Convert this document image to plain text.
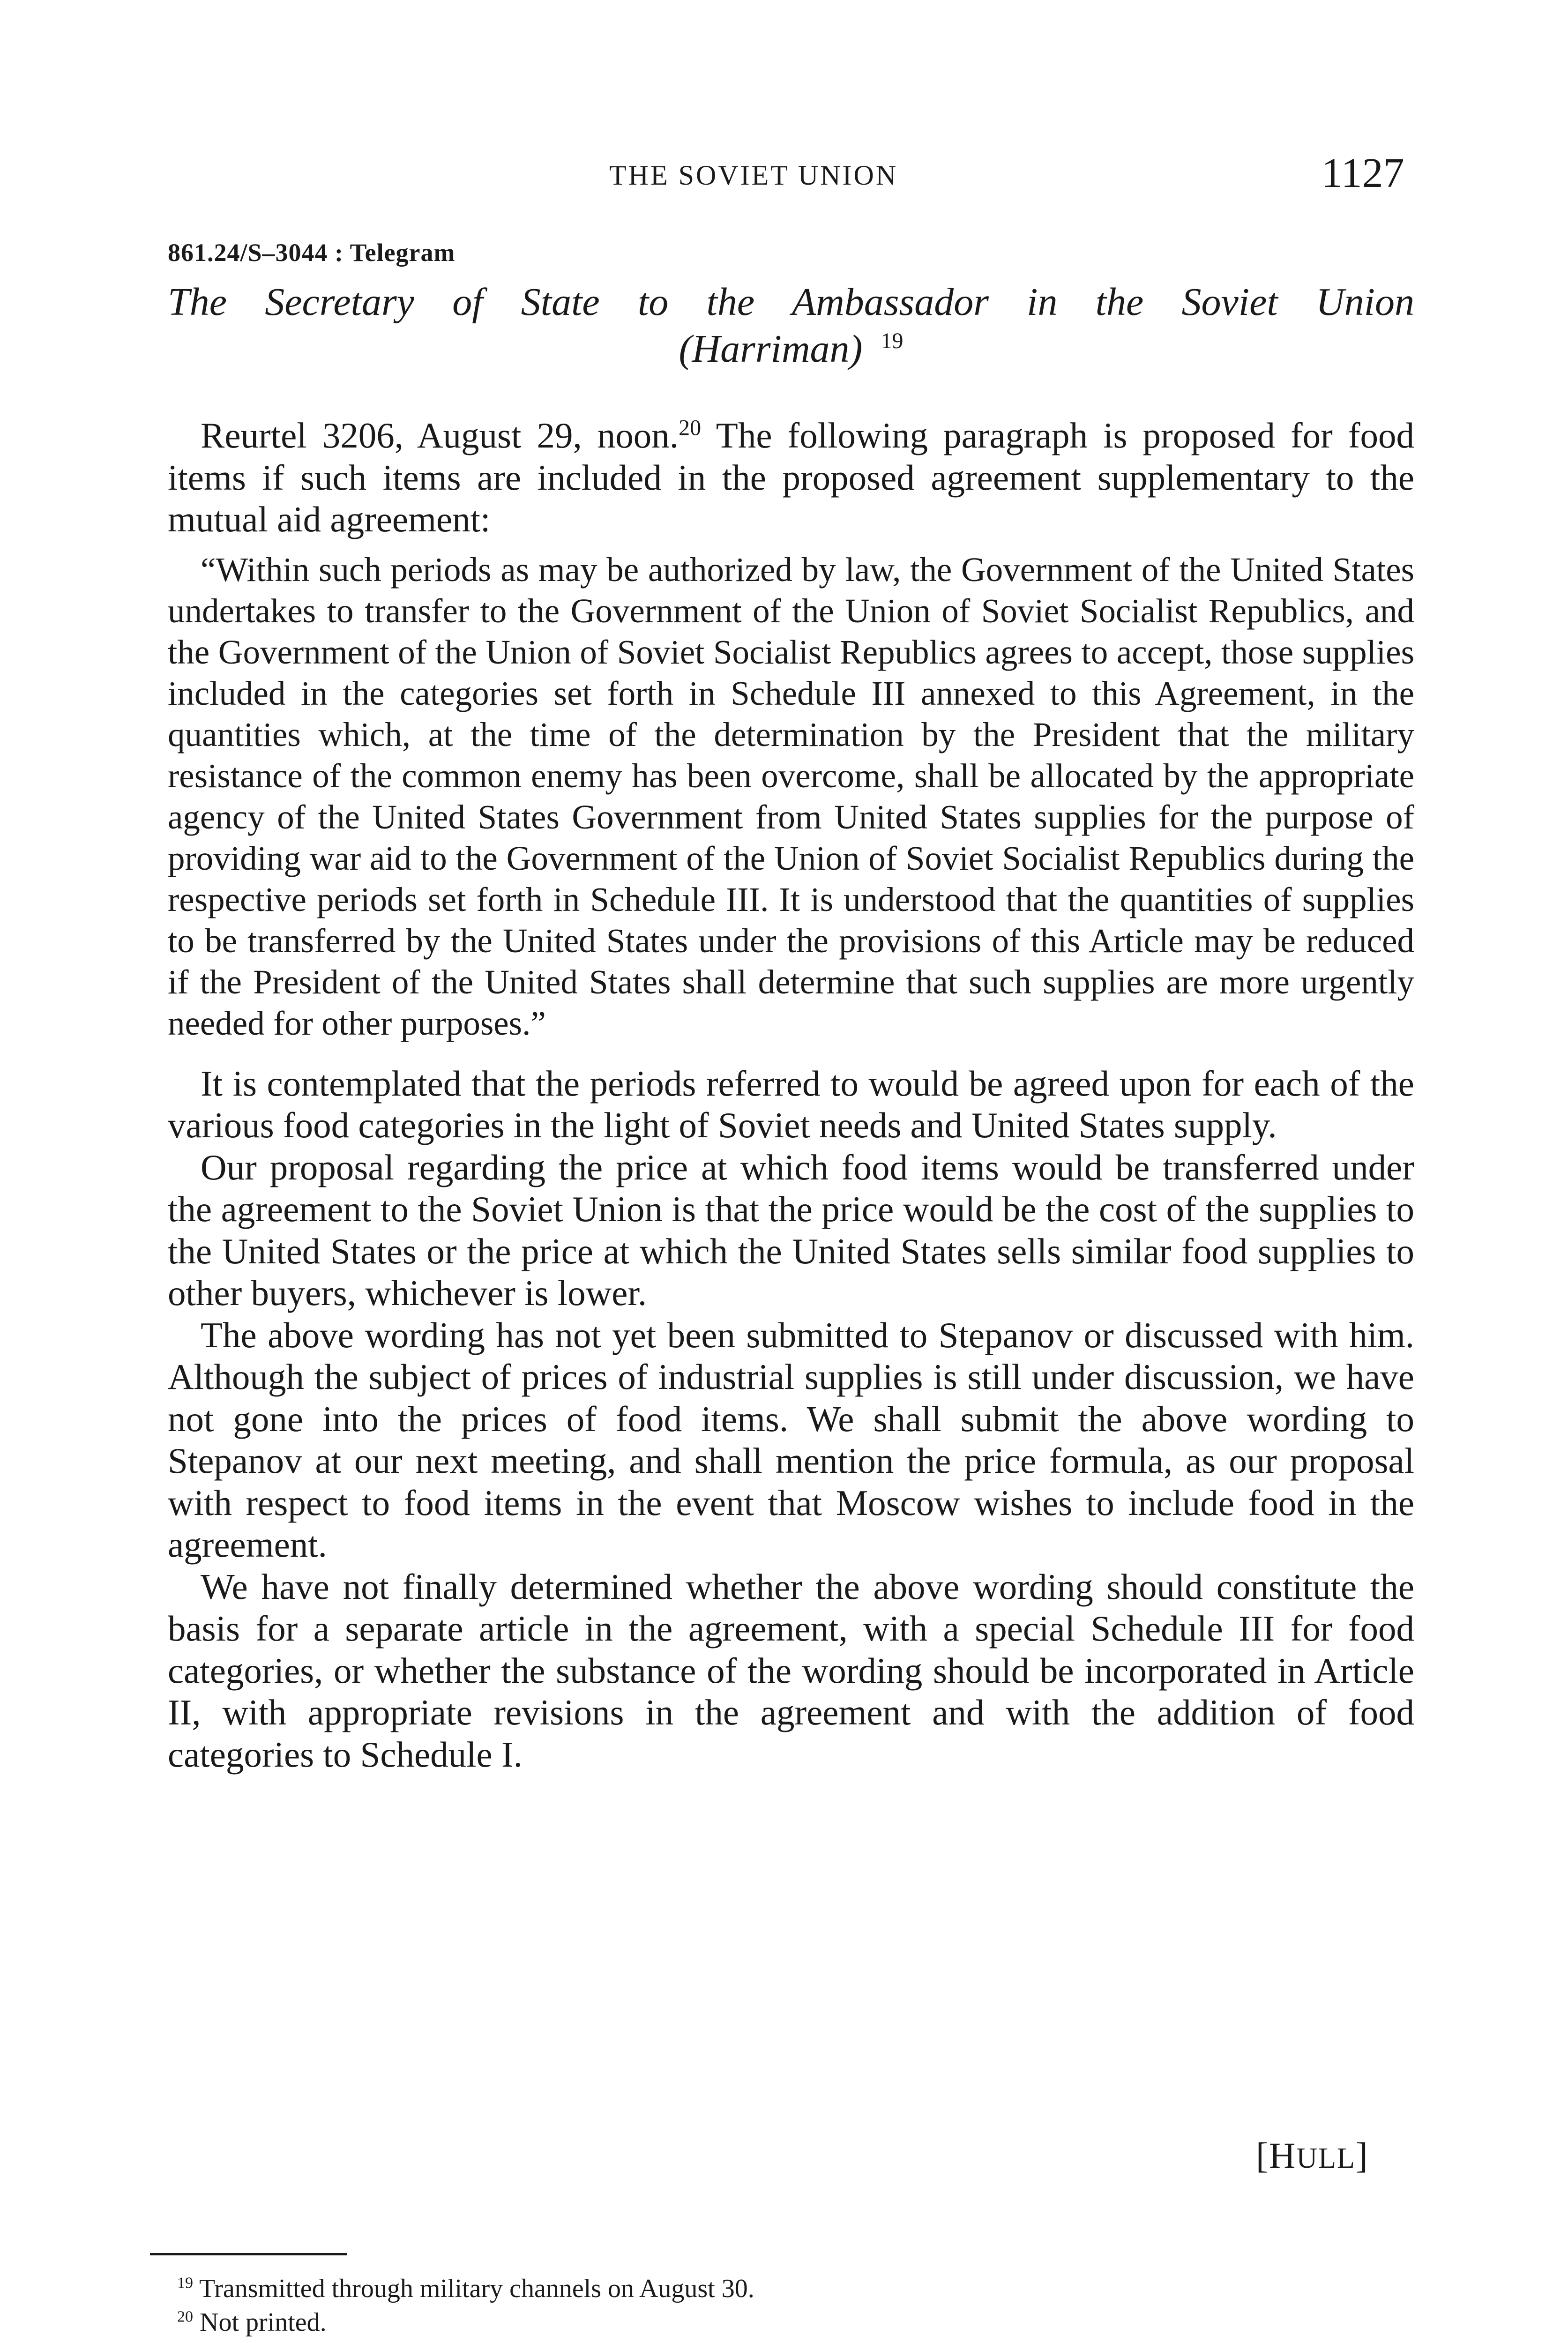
THE SOVIET UNION	1127
861.24/S–3044 : Telegram
The Secretary of State to the Ambassador in the Soviet Union
(Harriman) $^{19}$

Reurtel 3206, August 29, noon.$^{20}$ The following paragraph is proposed for food items if such items are included in the proposed agreement supplementary to the mutual aid agreement:

“Within such periods as may be authorized by law, the Government of the United States undertakes to transfer to the Government of the Union of Soviet Socialist Republics, and the Government of the Union of Soviet Socialist Republics agrees to accept, those supplies included in the categories set forth in Schedule III annexed to this Agreement, in the quantities which, at the time of the determination by the President that the military resistance of the common enemy has been overcome, shall be allocated by the appropriate agency of the United States Government from United States supplies for the purpose of providing war aid to the Government of the Union of Soviet Socialist Republics during the respective periods set forth in Schedule III. It is understood that the quantities of supplies to be transferred by the United States under the provisions of this Article may be reduced if the President of the United States shall determine that such supplies are more urgently needed for other purposes.”

It is contemplated that the periods referred to would be agreed upon for each of the various food categories in the light of Soviet needs and United States supply.

Our proposal regarding the price at which food items would be transferred under the agreement to the Soviet Union is that the price would be the cost of the supplies to the United States or the price at which the United States sells similar food supplies to other buyers, whichever is lower.

The above wording has not yet been submitted to Stepanov or discussed with him. Although the subject of prices of industrial supplies is still under discussion, we have not gone into the prices of food items. We shall submit the above wording to Stepanov at our next meeting, and shall mention the price formula, as our proposal with respect to food items in the event that Moscow wishes to include food in the agreement.

We have not finally determined whether the above wording should constitute the basis for a separate article in the agreement, with a special Schedule III for food categories, or whether the substance of the wording should be incorporated in Article II, with appropriate revisions in the agreement and with the addition of food categories to Schedule I.

[HULL]
$^{19}$ Transmitted through military channels on August 30.
$^{20}$ Not printed.
